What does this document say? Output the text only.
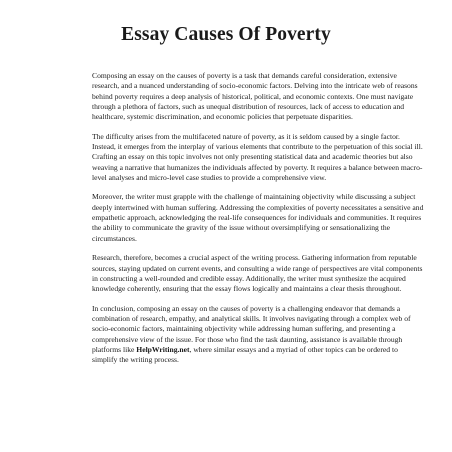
Essay Causes Of Poverty

Composing an essay on the causes of poverty is a task that demands careful consideration, extensive research, and a nuanced understanding of socio-economic factors. Delving into the intricate web of reasons behind poverty requires a deep analysis of historical, political, and economic contexts. One must navigate through a plethora of factors, such as unequal distribution of resources, lack of access to education and healthcare, systemic discrimination, and economic policies that perpetuate disparities.

The difficulty arises from the multifaceted nature of poverty, as it is seldom caused by a single factor. Instead, it emerges from the interplay of various elements that contribute to the perpetuation of this social ill. Crafting an essay on this topic involves not only presenting statistical data and academic theories but also weaving a narrative that humanizes the individuals affected by poverty. It requires a balance between macro-level analyses and micro-level case studies to provide a comprehensive view.

Moreover, the writer must grapple with the challenge of maintaining objectivity while discussing a subject deeply intertwined with human suffering. Addressing the complexities of poverty necessitates a sensitive and empathetic approach, acknowledging the real-life consequences for individuals and communities. It requires the ability to communicate the gravity of the issue without oversimplifying or sensationalizing the circumstances.

Research, therefore, becomes a crucial aspect of the writing process. Gathering information from reputable sources, staying updated on current events, and consulting a wide range of perspectives are vital components in constructing a well-rounded and credible essay. Additionally, the writer must synthesize the acquired knowledge coherently, ensuring that the essay flows logically and maintains a clear thesis throughout.

In conclusion, composing an essay on the causes of poverty is a challenging endeavor that demands a combination of research, empathy, and analytical skills. It involves navigating through a complex web of socio-economic factors, maintaining objectivity while addressing human suffering, and presenting a comprehensive view of the issue. For those who find the task daunting, assistance is available through platforms like HelpWriting.net, where similar essays and a myriad of other topics can be ordered to simplify the writing process.
